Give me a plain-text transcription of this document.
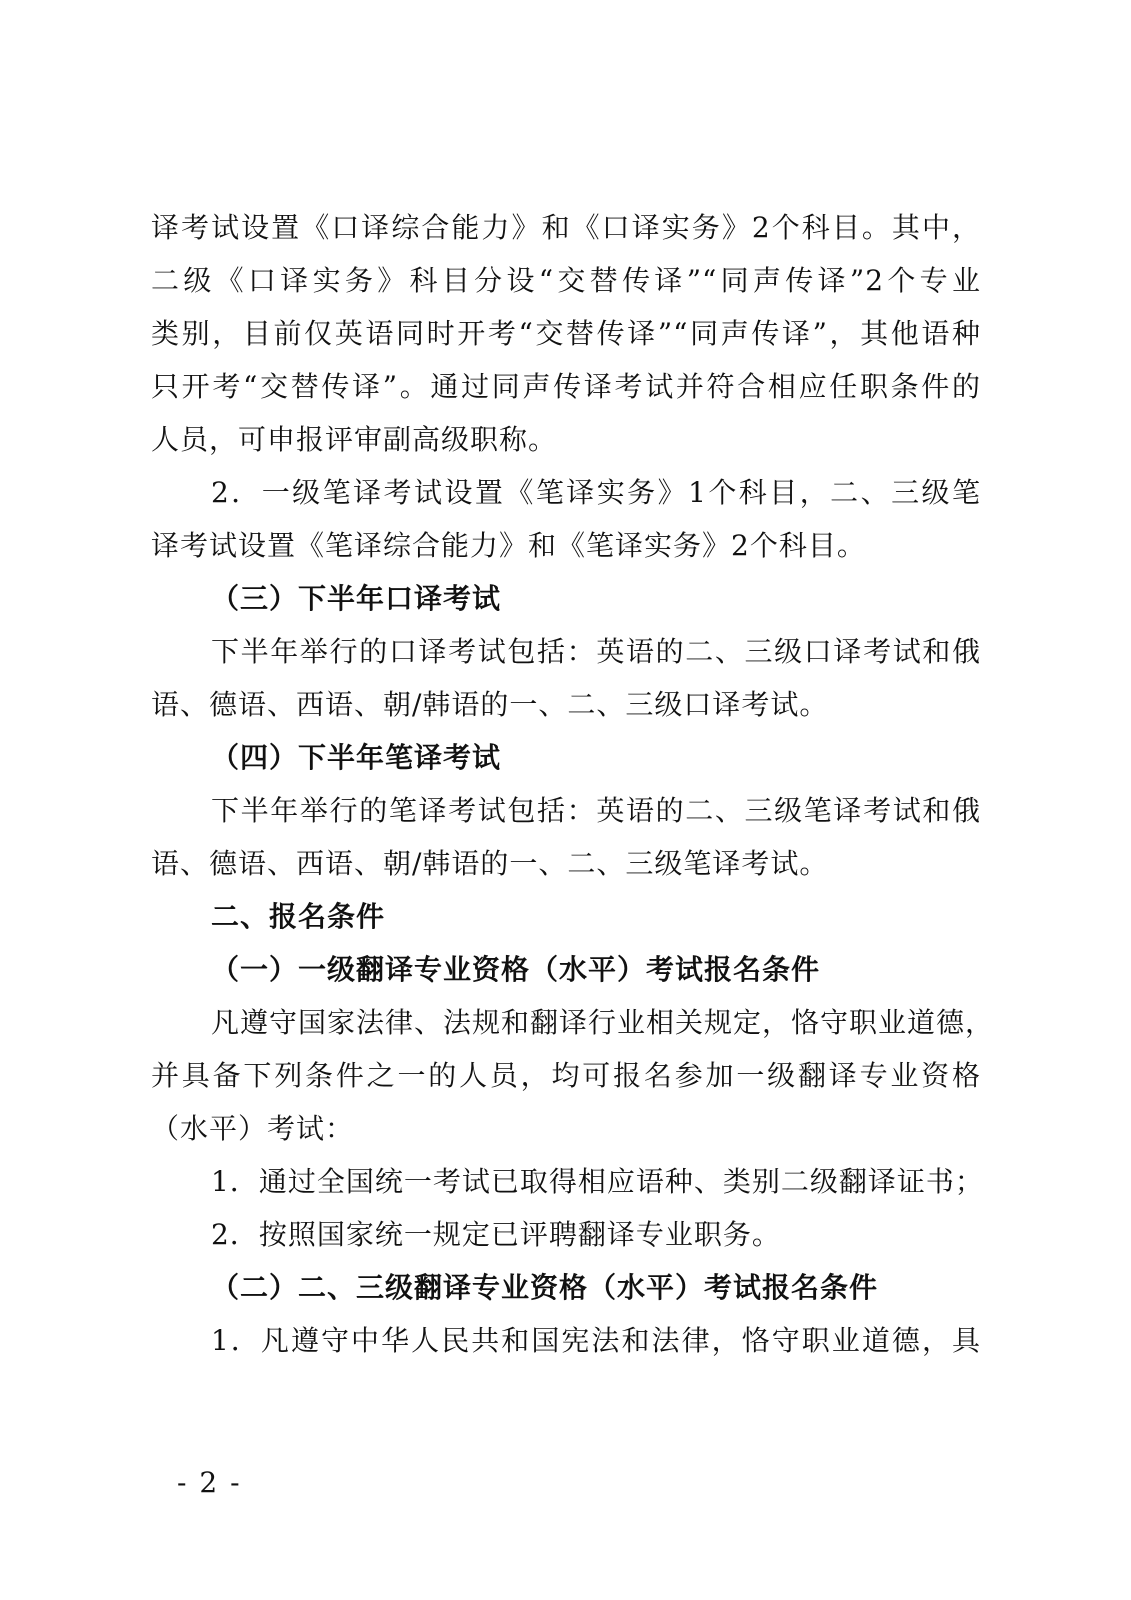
译考试设置《口译综合能力》和《口译实务》2个科目。其中，
二级《口译实务》科目分设“交替传译”“同声传译”2个专业
类别，目前仅英语同时开考“交替传译”“同声传译”，其他语种
只开考“交替传译”。通过同声传译考试并符合相应任职条件的
人员，可申报评审副高级职称。
2．一级笔译考试设置《笔译实务》1个科目，二、三级笔
译考试设置《笔译综合能力》和《笔译实务》2个科目。
（三）下半年口译考试
下半年举行的口译考试包括：英语的二、三级口译考试和俄
语、德语、西语、朝/韩语的一、二、三级口译考试。
（四）下半年笔译考试
下半年举行的笔译考试包括：英语的二、三级笔译考试和俄
语、德语、西语、朝/韩语的一、二、三级笔译考试。
二、报名条件
（一）一级翻译专业资格（水平）考试报名条件
凡遵守国家法律、法规和翻译行业相关规定，恪守职业道德，
并具备下列条件之一的人员，均可报名参加一级翻译专业资格
（水平）考试：
1．通过全国统一考试已取得相应语种、类别二级翻译证书；
2．按照国家统一规定已评聘翻译专业职务。
（二）二、三级翻译专业资格（水平）考试报名条件
1．凡遵守中华人民共和国宪法和法律，恪守职业道德，具
- 2 -
